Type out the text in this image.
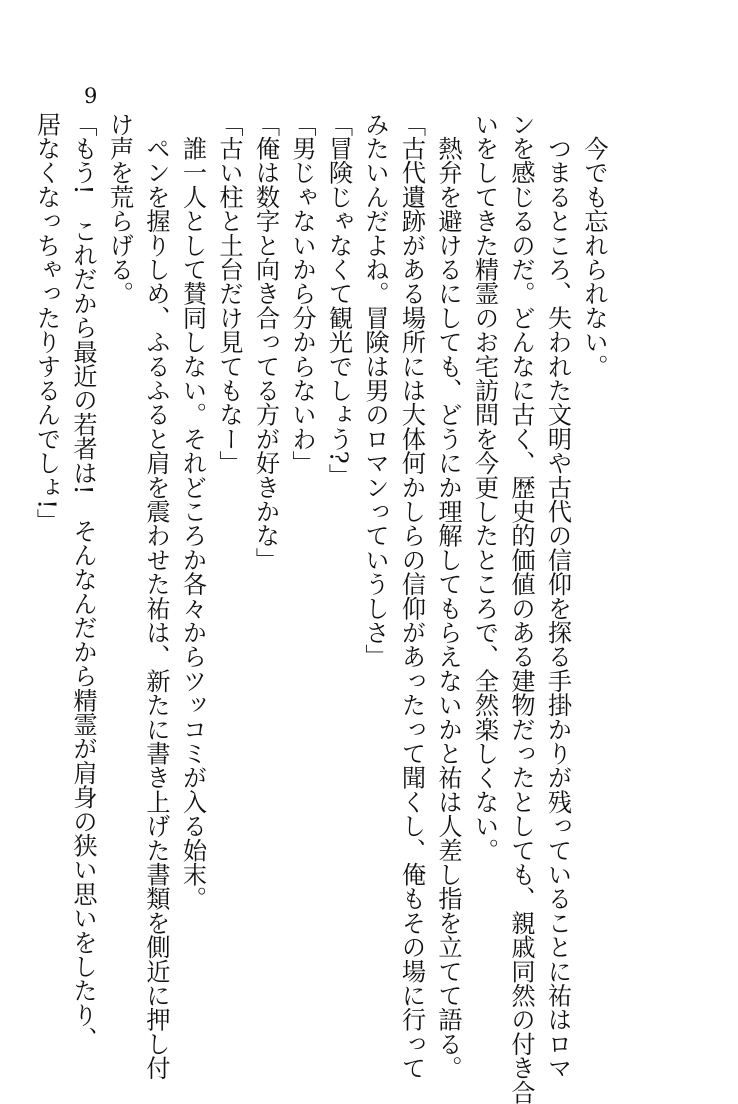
9

　今でも忘れられない。

　つまるところ、失われた文明や古代の信仰を探る手掛かりが残っていることに祐はロマ

ンを感じるのだ。どんなに古く、歴史的価値のある建物だったとしても、親戚同然の付き合

いをしてきた精霊のお宅訪問を今更したところで、全然楽しくない。

　熱弁を避けるにしても、どうにか理解してもらえないかと祐は人差し指を立てて語る。

「古代遺跡がある場所には大体何かしらの信仰があったって聞くし、俺もその場に行って

みたいんだよね。冒険は男のロマンっていうしさ」

「冒険じゃなくて観光でしょう?」

「男じゃないから分からないわ」

「俺は数字と向き合ってる方が好きかな」

「古い柱と土台だけ見てもなー」

　誰一人として賛同しない。それどころか各々からツッコミが入る始末。

　ペンを握りしめ、ふるふると肩を震わせた祐は、新たに書き上げた書類を側近に押し付

け声を荒らげる。

「もう!　これだから最近の若者は!　そんなんだから精霊が肩身の狭い思いをしたり、

居なくなっちゃったりするんでしょ!」
